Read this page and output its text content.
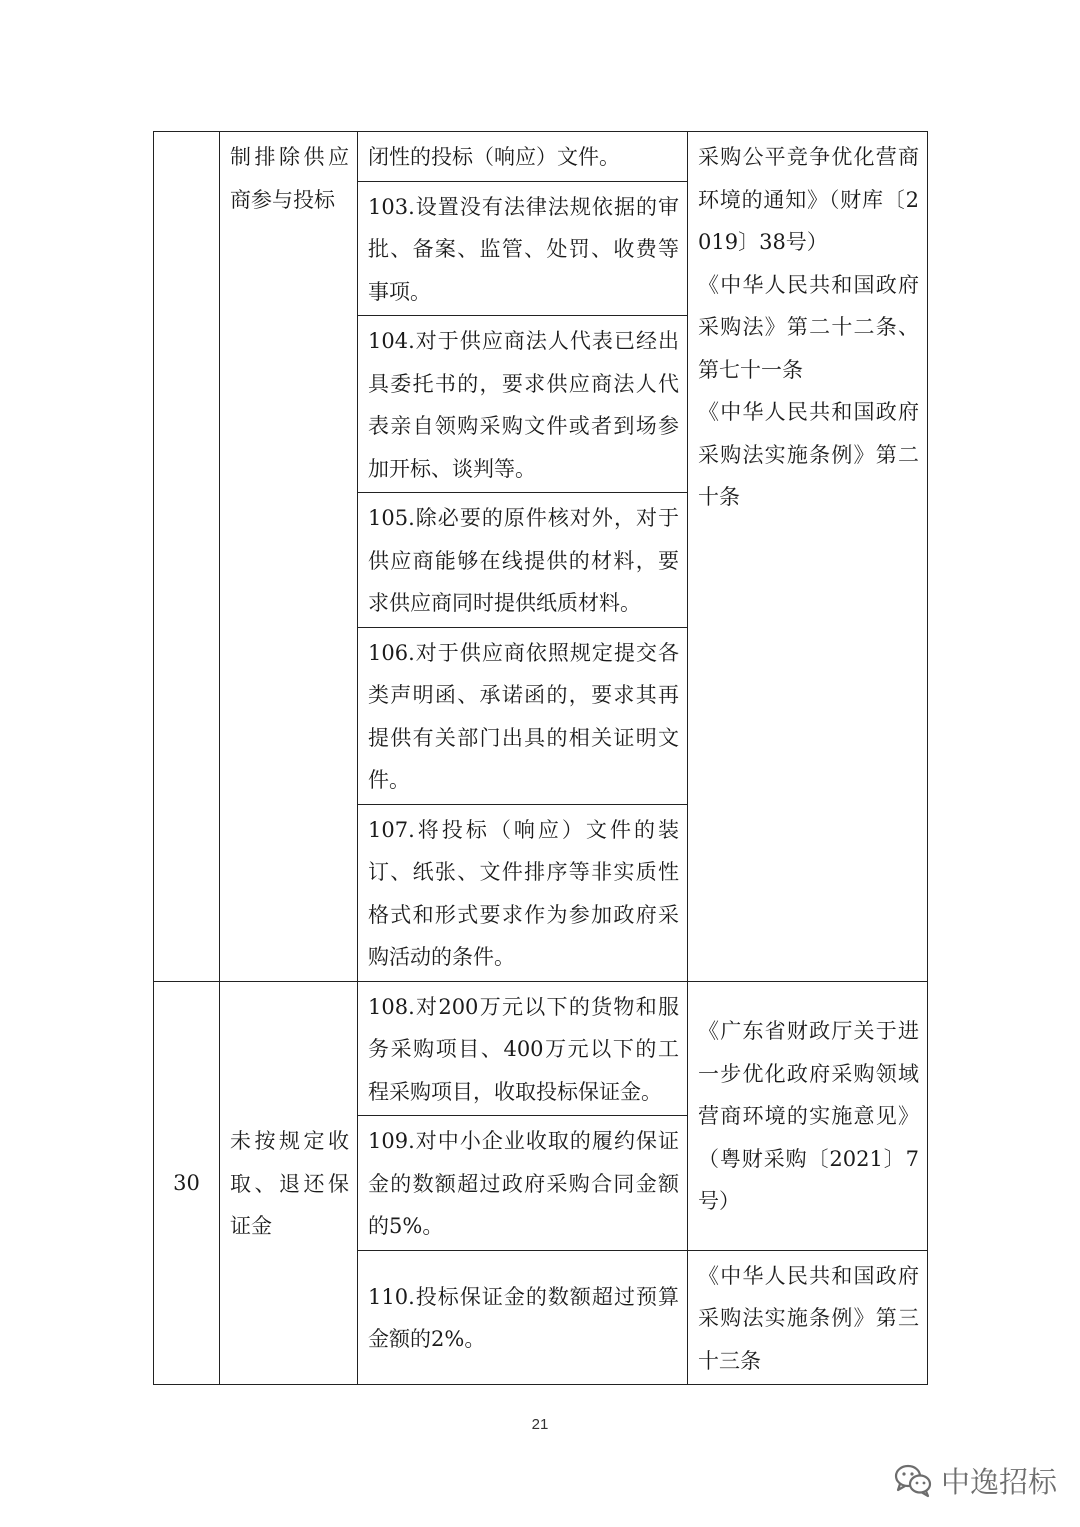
	制排除供应商参与投标	闭性的投标（响应）文件。	采购公平竞争优化营商环境的通知》（财库〔2019〕38号）
《中华人民共和国政府采购法》第二十二条、第七十一条
《中华人民共和国政府采购法实施条例》第二十条

		103.设置没有法律法规依据的审批、备案、监管、处罚、收费等事项。	
		104.对于供应商法人代表已经出具委托书的，要求供应商法人代表亲自领购采购文件或者到场参加开标、谈判等。	
		105.除必要的原件核对外，对于供应商能够在线提供的材料，要求供应商同时提供纸质材料。	
		106.对于供应商依照规定提交各类声明函、承诺函的，要求其再提供有关部门出具的相关证明文件。	
		107.将投标（响应）文件的装订、纸张、文件排序等非实质性格式和形式要求作为参加政府采购活动的条件。	
30	未按规定收取、退还保证金	108.对200万元以下的货物和服务采购项目、400万元以下的工程采购项目，收取投标保证金。	《广东省财政厅关于进一步优化政府采购领域营商环境的实施意见》（粤财采购〔2021〕7号）
		109.对中小企业收取的履约保证金的数额超过政府采购合同金额的5%。	
		110.投标保证金的数额超过预算金额的2%。	《中华人民共和国政府采购法实施条例》第三十三条
21
中逸招标
